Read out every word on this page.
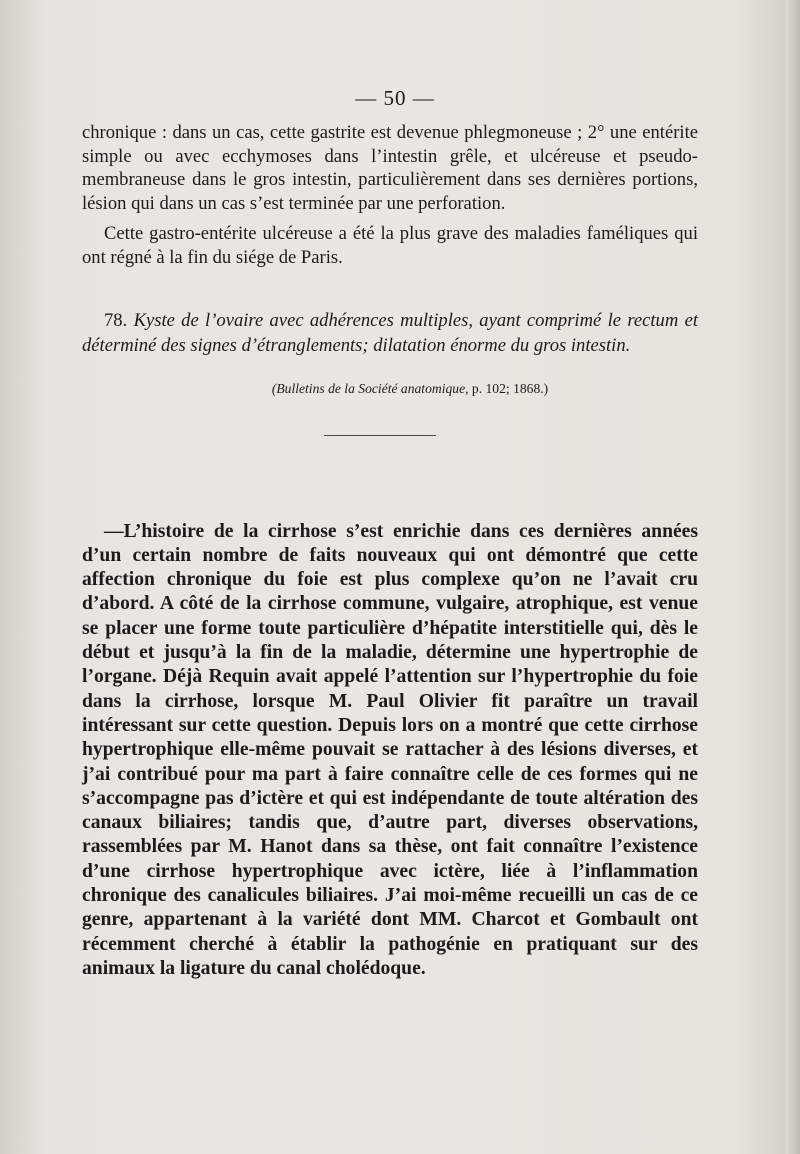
— 50 —

chronique : dans un cas, cette gastrite est devenue phlegmoneuse ; 2° une entérite simple ou avec ecchymoses dans l’intestin grêle, et ulcéreuse et pseudo-membraneuse dans le gros intestin, particulièrement dans ses dernières portions, lésion qui dans un cas s’est terminée par une perforation.

Cette gastro-entérite ulcéreuse a été la plus grave des maladies faméliques qui ont régné à la fin du siége de Paris.

78. Kyste de l’ovaire avec adhérences multiples, ayant comprimé le rectum et déterminé des signes d’étranglements; dilatation énorme du gros intestin.

(Bulletins de la Société anatomique, p. 102; 1868.)

—L’histoire de la cirrhose s’est enrichie dans ces dernières années d’un certain nombre de faits nouveaux qui ont démontré que cette affection chronique du foie est plus complexe qu’on ne l’avait cru d’abord. A côté de la cirrhose commune, vulgaire, atrophique, est venue se placer une forme toute particulière d’hépatite interstitielle qui, dès le début et jusqu’à la fin de la maladie, détermine une hypertrophie de l’organe. Déjà Requin avait appelé l’attention sur l’hypertrophie du foie dans la cirrhose, lorsque M. Paul Olivier fit paraître un travail intéressant sur cette question. Depuis lors on a montré que cette cirrhose hypertrophique elle-même pouvait se rattacher à des lésions diverses, et j’ai contribué pour ma part à faire connaître celle de ces formes qui ne s’accompagne pas d’ictère et qui est indépendante de toute altération des canaux biliaires; tandis que, d’autre part, diverses observations, rassemblées par M. Hanot dans sa thèse, ont fait connaître l’existence d’une cirrhose hypertrophique avec ictère, liée à l’inflammation chronique des canalicules biliaires. J’ai moi-même recueilli un cas de ce genre, appartenant à la variété dont MM. Charcot et Gombault ont récemment cherché à établir la pathogénie en pratiquant sur des animaux la ligature du canal cholédoque.
